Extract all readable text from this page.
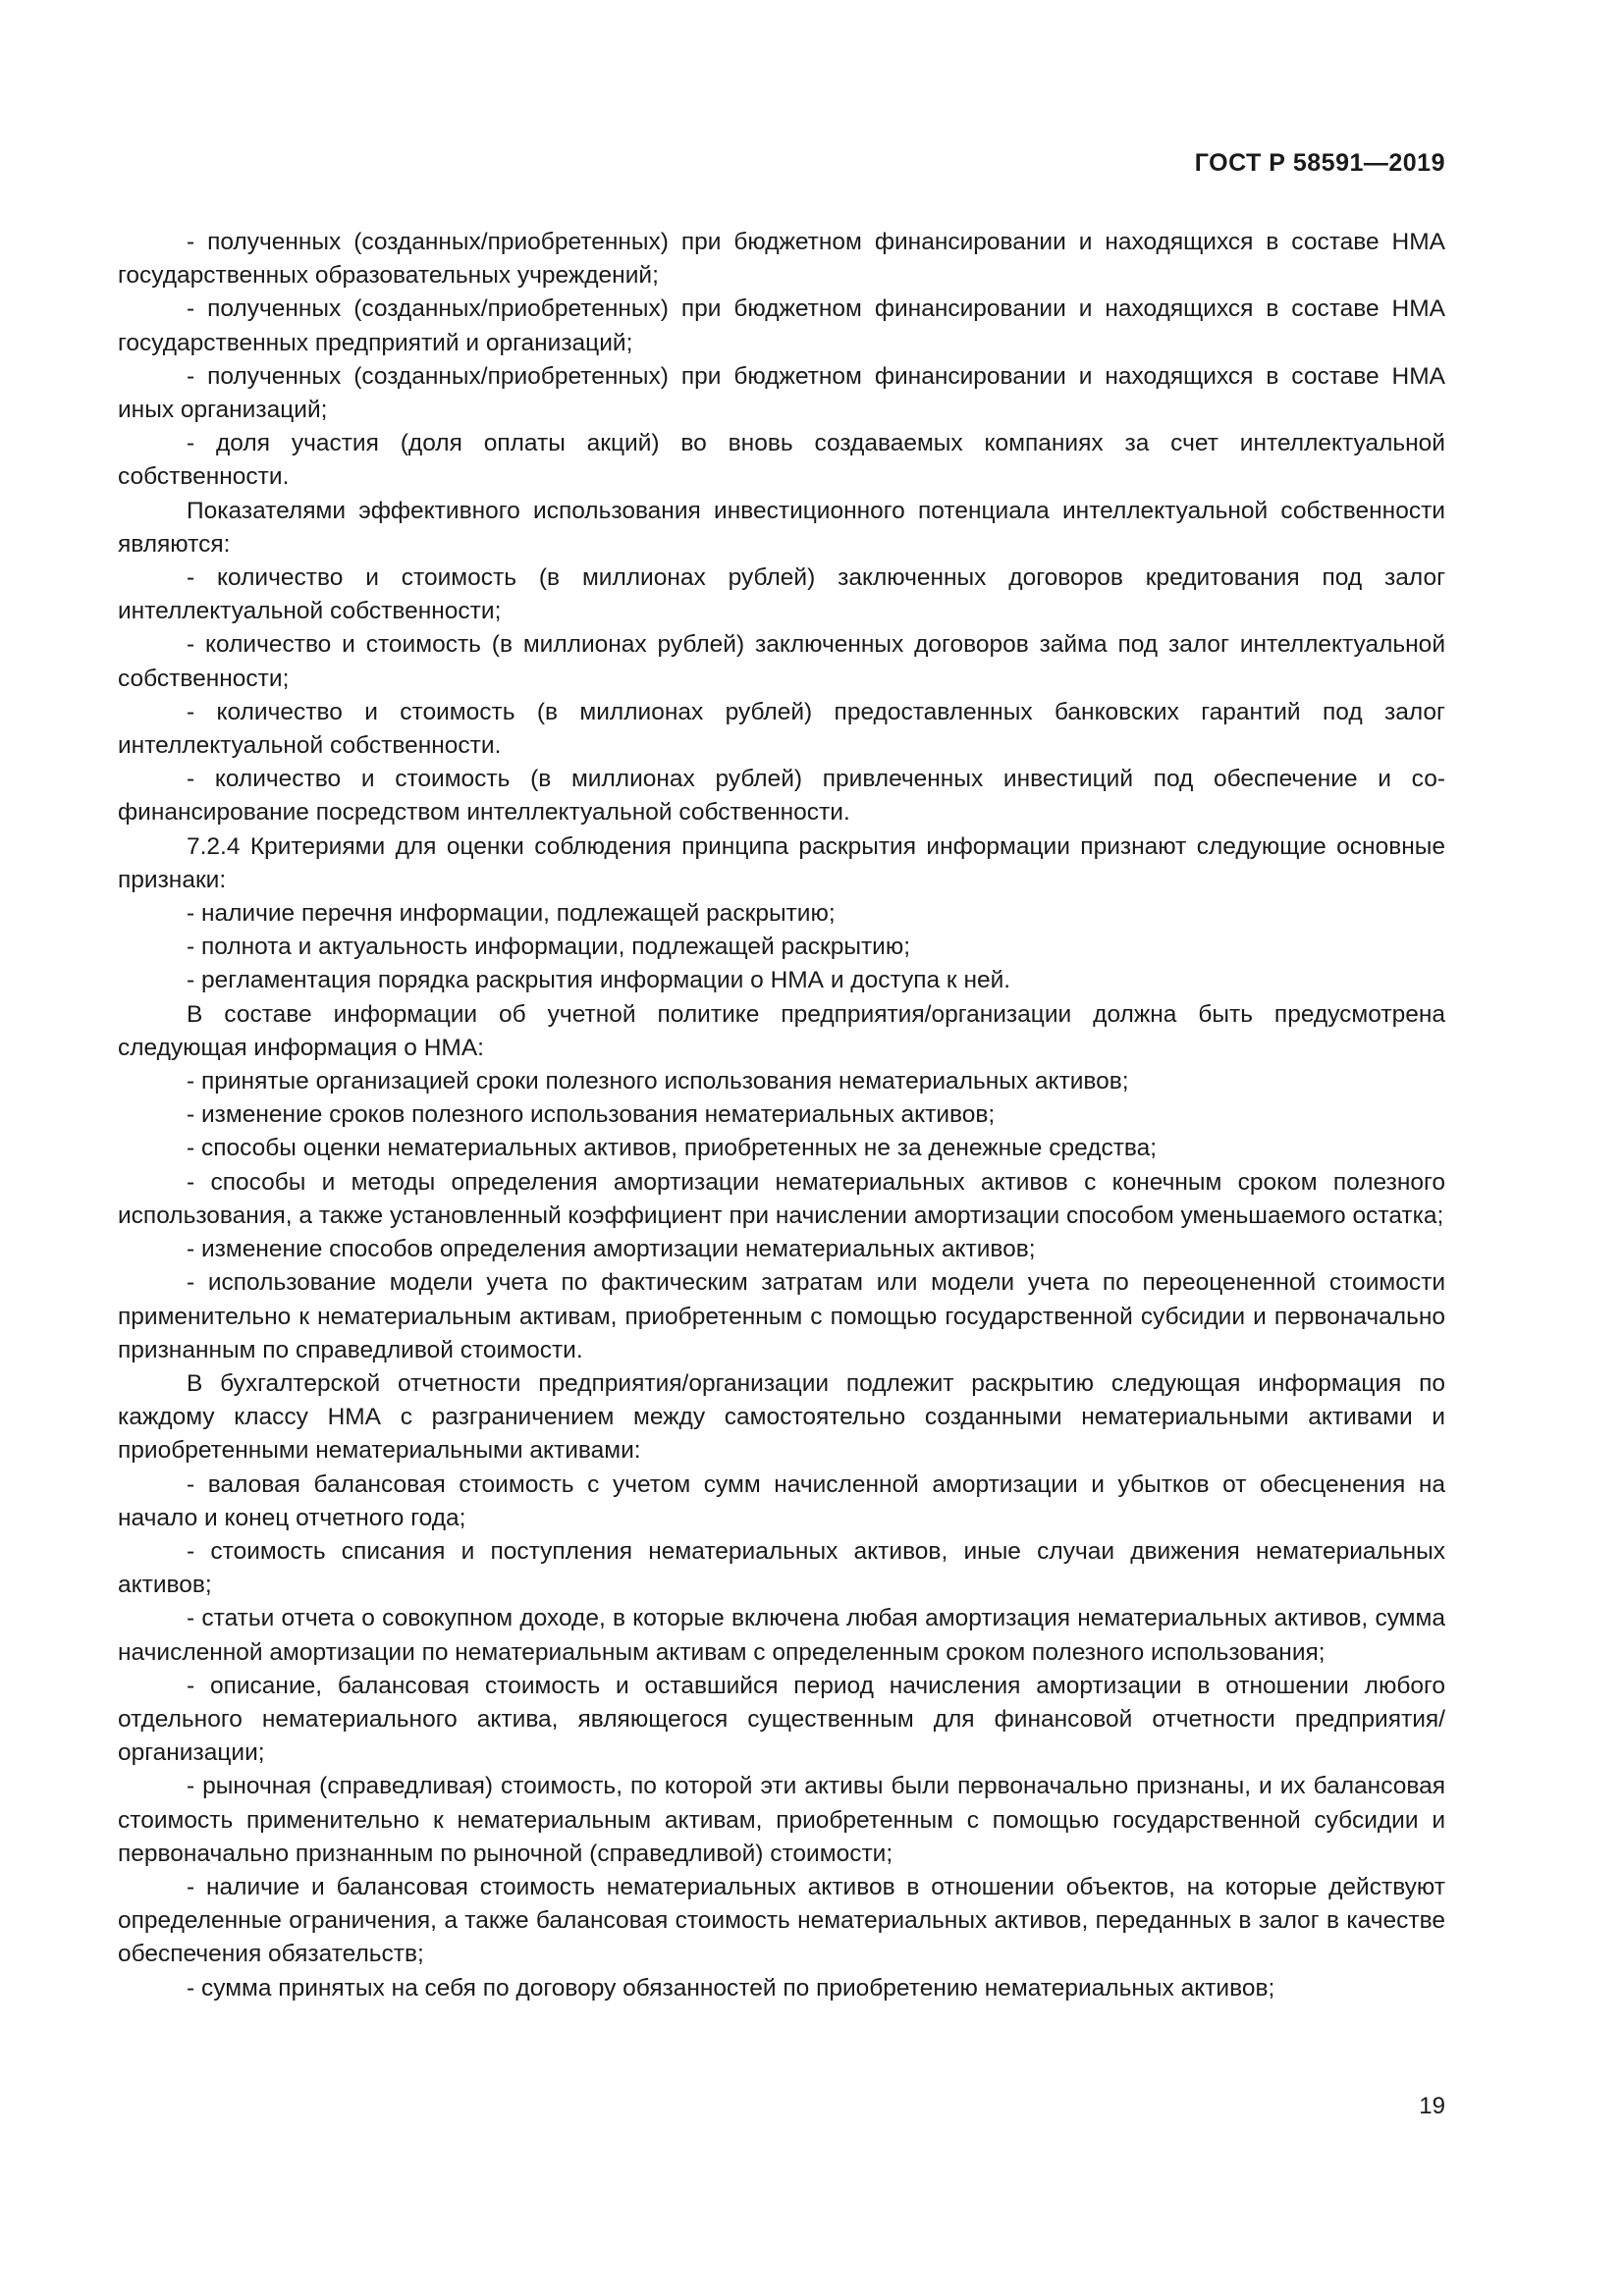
ГОСТ Р 58591—2019

- полученных (созданных/приобретенных) при бюджетном финансировании и находящихся в составе НМА государственных образовательных учреждений;

- полученных (созданных/приобретенных) при бюджетном финансировании и находящихся в составе НМА государственных предприятий и организаций;

- полученных (созданных/приобретенных) при бюджетном финансировании и находящихся в составе НМА иных организаций;

- доля участия (доля оплаты акций) во вновь создаваемых компаниях за счет интеллектуальной собственности.

Показателями эффективного использования инвестиционного потенциала интеллектуальной собственности являются:

- количество и стоимость (в миллионах рублей) заключенных договоров кредитования под залог интеллектуальной собственности;

- количество и стоимость (в миллионах рублей) заключенных договоров займа под залог интеллектуальной собственности;

- количество и стоимость (в миллионах рублей) предоставленных банковских гарантий под залог интеллектуальной собственности.

- количество и стоимость (в миллионах рублей) привлеченных инвестиций под обеспечение и софинансирование посредством интеллектуальной собственности.

7.2.4 Критериями для оценки соблюдения принципа раскрытия информации признают следующие основные признаки:

- наличие перечня информации, подлежащей раскрытию;

- полнота и актуальность информации, подлежащей раскрытию;

- регламентация порядка раскрытия информации о НМА и доступа к ней.

В составе информации об учетной политике предприятия/организации должна быть предусмотрена следующая информация о НМА:

- принятые организацией сроки полезного использования нематериальных активов;

- изменение сроков полезного использования нематериальных активов;

- способы оценки нематериальных активов, приобретенных не за денежные средства;

- способы и методы определения амортизации нематериальных активов с конечным сроком полезного использования, а также установленный коэффициент при начислении амортизации способом уменьшаемого остатка;

- изменение способов определения амортизации нематериальных активов;

- использование модели учета по фактическим затратам или модели учета по переоцененной стоимости применительно к нематериальным активам, приобретенным с помощью государственной субсидии и первоначально признанным по справедливой стоимости.

В бухгалтерской отчетности предприятия/организации подлежит раскрытию следующая информация по каждому классу НМА с разграничением между самостоятельно созданными нематериальными активами и приобретенными нематериальными активами:

- валовая балансовая стоимость с учетом сумм начисленной амортизации и убытков от обесценения на начало и конец отчетного года;

- стоимость списания и поступления нематериальных активов, иные случаи движения нематериальных активов;

- статьи отчета о совокупном доходе, в которые включена любая амортизация нематериальных активов, сумма начисленной амортизации по нематериальным активам с определенным сроком полезного использования;

- описание, балансовая стоимость и оставшийся период начисления амортизации в отношении любого отдельного нематериального актива, являющегося существенным для финансовой отчетности предприятия/организации;

- рыночная (справедливая) стоимость, по которой эти активы были первоначально признаны, и их балансовая стоимость применительно к нематериальным активам, приобретенным с помощью государственной субсидии и первоначально признанным по рыночной (справедливой) стоимости;

- наличие и балансовая стоимость нематериальных активов в отношении объектов, на которые действуют определенные ограничения, а также балансовая стоимость нематериальных активов, переданных в залог в качестве обеспечения обязательств;

- сумма принятых на себя по договору обязанностей по приобретению нематериальных активов;

19
